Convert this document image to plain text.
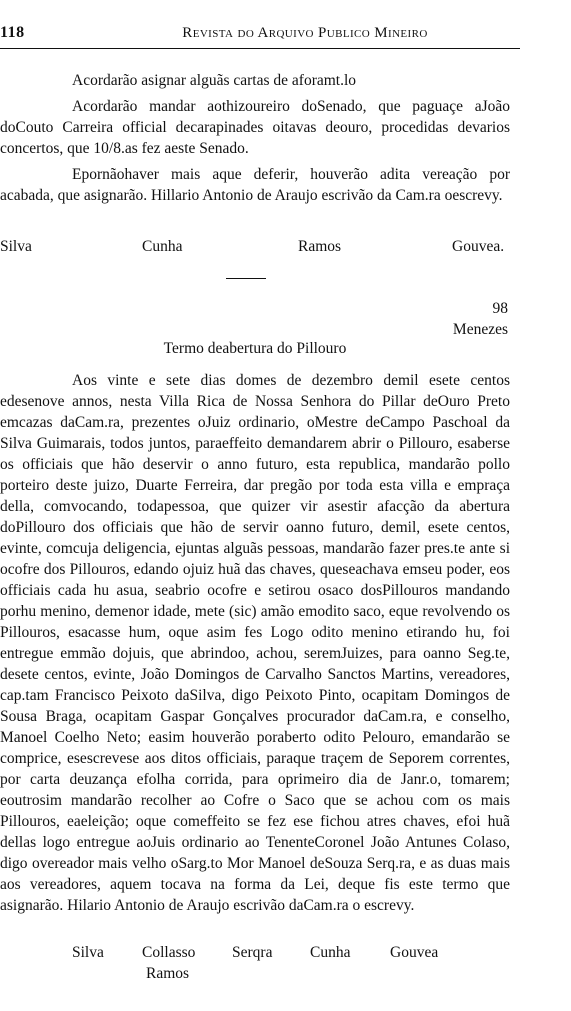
118	Revista do Arquivo Publico Mineiro

Acordarão asignar alguãs cartas de aforamt.lo

Acordarão mandar aothizoureiro doSenado, que paguaçe aJoão doCouto Carreira official decarapinades oitavas deouro, procedidas devarios concertos, que 10/8.as fez aeste Senado.

Epornãohaver mais aque deferir, houverão adita vereação por acabada, que asignarão. Hillario Antonio de Araujo escrivão da Cam.ra oescrevy.

Silva	Cunha	Ramos	Gouvea.
98
Menezes
Termo deabertura do Pillouro

Aos vinte e sete dias domes de dezembro demil esete centos edesenove annos, nesta Villa Rica de Nossa Senhora do Pillar deOuro Preto emcazas daCam.ra, prezentes oJuiz ordinario, oMestre deCampo Paschoal da Silva Guimarais, todos juntos, paraeffeito demandarem abrir o Pillouro, esaberse os officiais que hão deservir o anno futuro, esta republica, mandarão pollo porteiro deste juizo, Duarte Ferreira, dar pregão por toda esta villa e empraça della, comvocando, todapessoa, que quizer vir asestir afacção da abertura doPillouro dos officiais que hão de servir oanno futuro, demil, esete centos, evinte, comcuja deligencia, ejuntas alguãs pessoas, mandarão fazer pres.te ante si ocofre dos Pillouros, edando ojuiz huã das chaves, queseachava emseu poder, eos officiais cada hu asua, seabrio ocofre e setirou osaco dosPillouros mandando porhu menino, demenor idade, mete (sic) amão emodito saco, eque revolvendo os Pillouros, esacasse hum, oque asim fes Logo odito menino etirando hu, foi entregue emmão dojuis, que abrindoo, achou, seremJuizes, para oanno Seg.te, desete centos, evinte, João Domingos de Carvalho Sanctos Martins, vereadores, cap.tam Francisco Peixoto daSilva, digo Peixoto Pinto, ocapitam Domingos de Sousa Braga, ocapitam Gaspar Gonçalves procurador daCam.ra, e conselho, Manoel Coelho Neto; easim houverão poraberto odito Pelouro, emandarão se comprice, esescrevese aos ditos officiais, paraque traçem de Seporem correntes, por carta deuzança efolha corrida, para oprimeiro dia de Janr.o, tomarem; eoutrosim mandarão recolher ao Cofre o Saco que se achou com os mais Pillouros, eaeleição; oque comeffeito se fez ese fichou atres chaves, efoi huã dellas logo entregue aoJuis ordinario ao TenenteCoronel João Antunes Colaso, digo overeador mais velho oSarg.to Mor Manoel deSouza Serq.ra, e as duas mais aos vereadores, aquem tocava na forma da Lei, deque fis este termo que asignarão. Hilario Antonio de Araujo escrivão daCam.ra o escrevy.

Silva Collasso Serqra Cunha	Gouvea
Ramos
